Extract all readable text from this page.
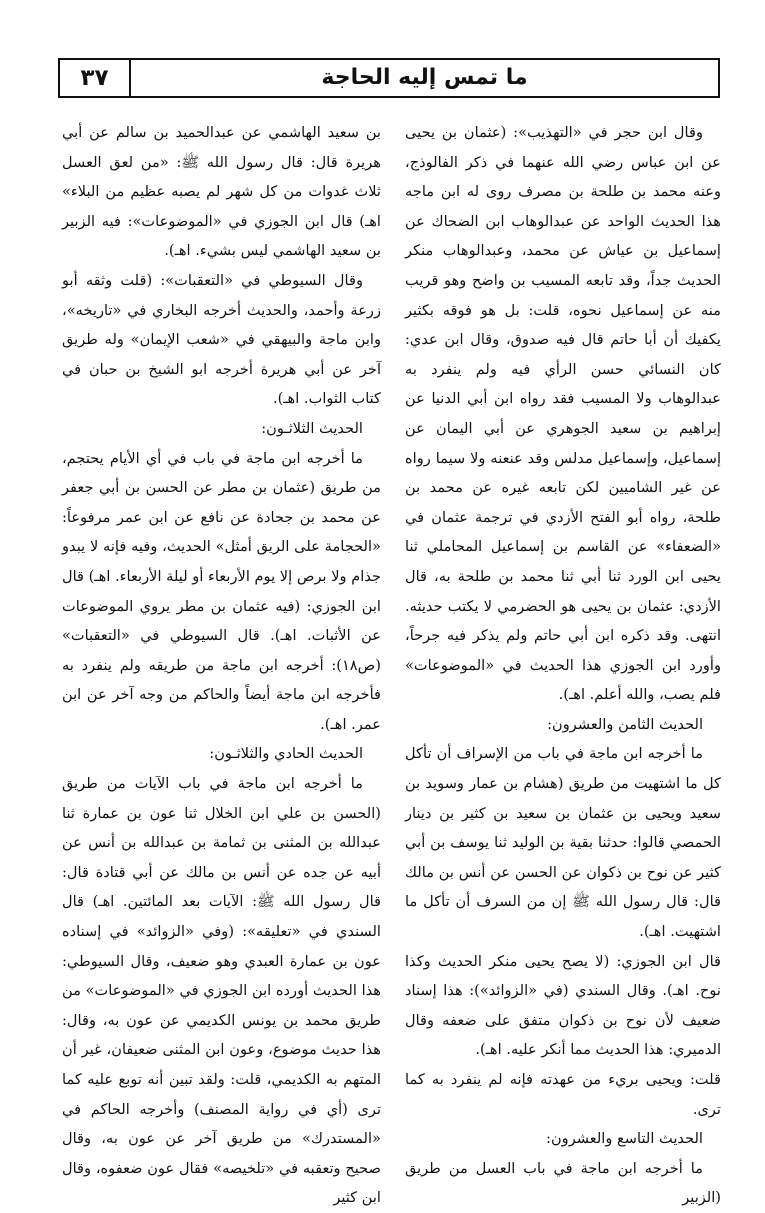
٣٧	ما تمس إليه الحاجة

وقال ابن حجر في «التهذيب»: (عثمان بن يحيى عن ابن عباس رضي الله عنهما في ذكر الفالوذج، وعنه محمد بن طلحة بن مصرف روى له ابن ماجه هذا الحديث الواحد عن عبدالوهاب ابن الضحاك عن إسماعيل بن عياش عن محمد، وعبدالوهاب منكر الحديث جداً، وقد تابعه المسيب بن واضح وهو قريب منه عن إسماعيل نحوه، قلت: بل هو فوقه بكثير يكفيك أن أبا حاتم قال فيه صدوق، وقال ابن عدي: كان النسائي حسن الرأي فيه ولم ينفرد به عبدالوهاب ولا المسيب فقد رواه ابن أبي الدنيا عن إبراهيم بن سعيد الجوهري عن أبي اليمان عن إسماعيل، وإسماعيل مدلس وقد عنعنه ولا سيما رواه عن غير الشاميين لكن تابعه غيره عن محمد بن طلحة، رواه أبو الفتح الأزدي في ترجمة عثمان في «الضعفاء» عن القاسم بن إسماعيل المحاملي ثنا يحيى ابن الورد ثنا أبي ثنا محمد بن طلحة به، قال الأزدي: عثمان بن يحيى هو الحضرمي لا يكتب حديثه. انتهى. وقد ذكره ابن أبي حاتم ولم يذكر فيه جرحاً، وأورد ابن الجوزي هذا الحديث في «الموضوعات» فلم يصب، والله أعلم. اهـ).

الحديث الثامن والعشرون:

ما أخرجه ابن ماجة في باب من الإسراف أن تأكل كل ما اشتهيت من طريق (هشام بن عمار وسويد بن سعيد ويحيى بن عثمان بن سعيد بن كثير بن دينار الحمصي قالوا: حدثنا بقية بن الوليد ثنا يوسف بن أبي كثير عن نوح بن ذكوان عن الحسن عن أنس بن مالك قال: قال رسول الله ﷺ إن من السرف أن تأكل ما اشتهيت. اهـ).

قال ابن الجوزي: (لا يصح يحيى منكر الحديث وكذا نوح. اهـ). وقال السندي (في «الزوائد»): هذا إسناد ضعيف لأن نوح بن ذكوان متفق على ضعفه وقال الدميري: هذا الحديث مما أنكر عليه. اهـ).

قلت: ويحيى بريء من عهدته فإنه لم ينفرد به كما ترى.

الحديث التاسع والعشرون:

ما أخرجه ابن ماجة في باب العسل من طريق (الزبير

بن سعيد الهاشمي عن عبدالحميد بن سالم عن أبي هريرة قال: قال رسول الله ﷺ: «من لعق العسل ثلاث غدوات من كل شهر لم يصبه عظيم من البلاء» اهـ) قال ابن الجوزي في «الموضوعات»: فيه الزبير بن سعيد الهاشمي ليس بشيء. اهـ).

وقال السيوطي في «التعقبات»: (قلت وثقه أبو زرعة وأحمد، والحديث أخرجه البخاري في «تاريخه»، وابن ماجة والبيهقي في «شعب الإيمان» وله طريق آخر عن أبي هريرة أخرجه ابو الشيخ بن حبان في كتاب الثواب. اهـ).

الحديث الثلاثـون:

ما أخرجه ابن ماجة في باب في أي الأيام يحتجم، من طريق (عثمان بن مطر عن الحسن بن أبي جعفر عن محمد بن جحادة عن نافع عن ابن عمر مرفوعاً: «الحجامة على الريق أمثل» الحديث، وفيه فإنه لا يبدو جذام ولا برص إلا يوم الأربعاء أو ليلة الأربعاء. اهـ) قال ابن الجوزي: (فيه عثمان بن مطر يروي الموضوعات عن الأثبات. اهـ). قال السيوطي في «التعقبات» (ص١٨): أخرجه ابن ماجة من طريقه ولم ينفرد به فأخرجه ابن ماجة أيضاً والحاكم من وجه آخر عن ابن عمر. اهـ).

الحديث الحادي والثلاثـون:

ما أخرجه ابن ماجة في باب الآيات من طريق (الحسن بن علي ابن الخلال ثنا عون بن عمارة ثنا عبدالله بن المثنى بن ثمامة بن عبدالله بن أنس عن أبيه عن جده عن أنس بن مالك عن أبي قتادة قال: قال رسول الله ﷺ: الآيات بعد المائتين. اهـ) قال السندي في «تعليقه»: (وفي «الزوائد» في إسناده عون بن عمارة العبدي وهو ضعيف، وقال السيوطي: هذا الحديث أورده ابن الجوزي في «الموضوعات» من طريق محمد بن يونس الكديمي عن عون به، وقال: هذا حديث موضوع، وعون ابن المثنى ضعيفان، غير أن المتهم به الكديمي، قلت: ولقد تبين أنه توبع عليه كما ترى (أي في رواية المصنف) وأخرجه الحاكم في «المستدرك» من طريق آخر عن عون به، وقال صحيح وتعقبه في «تلخيصه» فقال عون ضعفوه، وقال ابن كثير
